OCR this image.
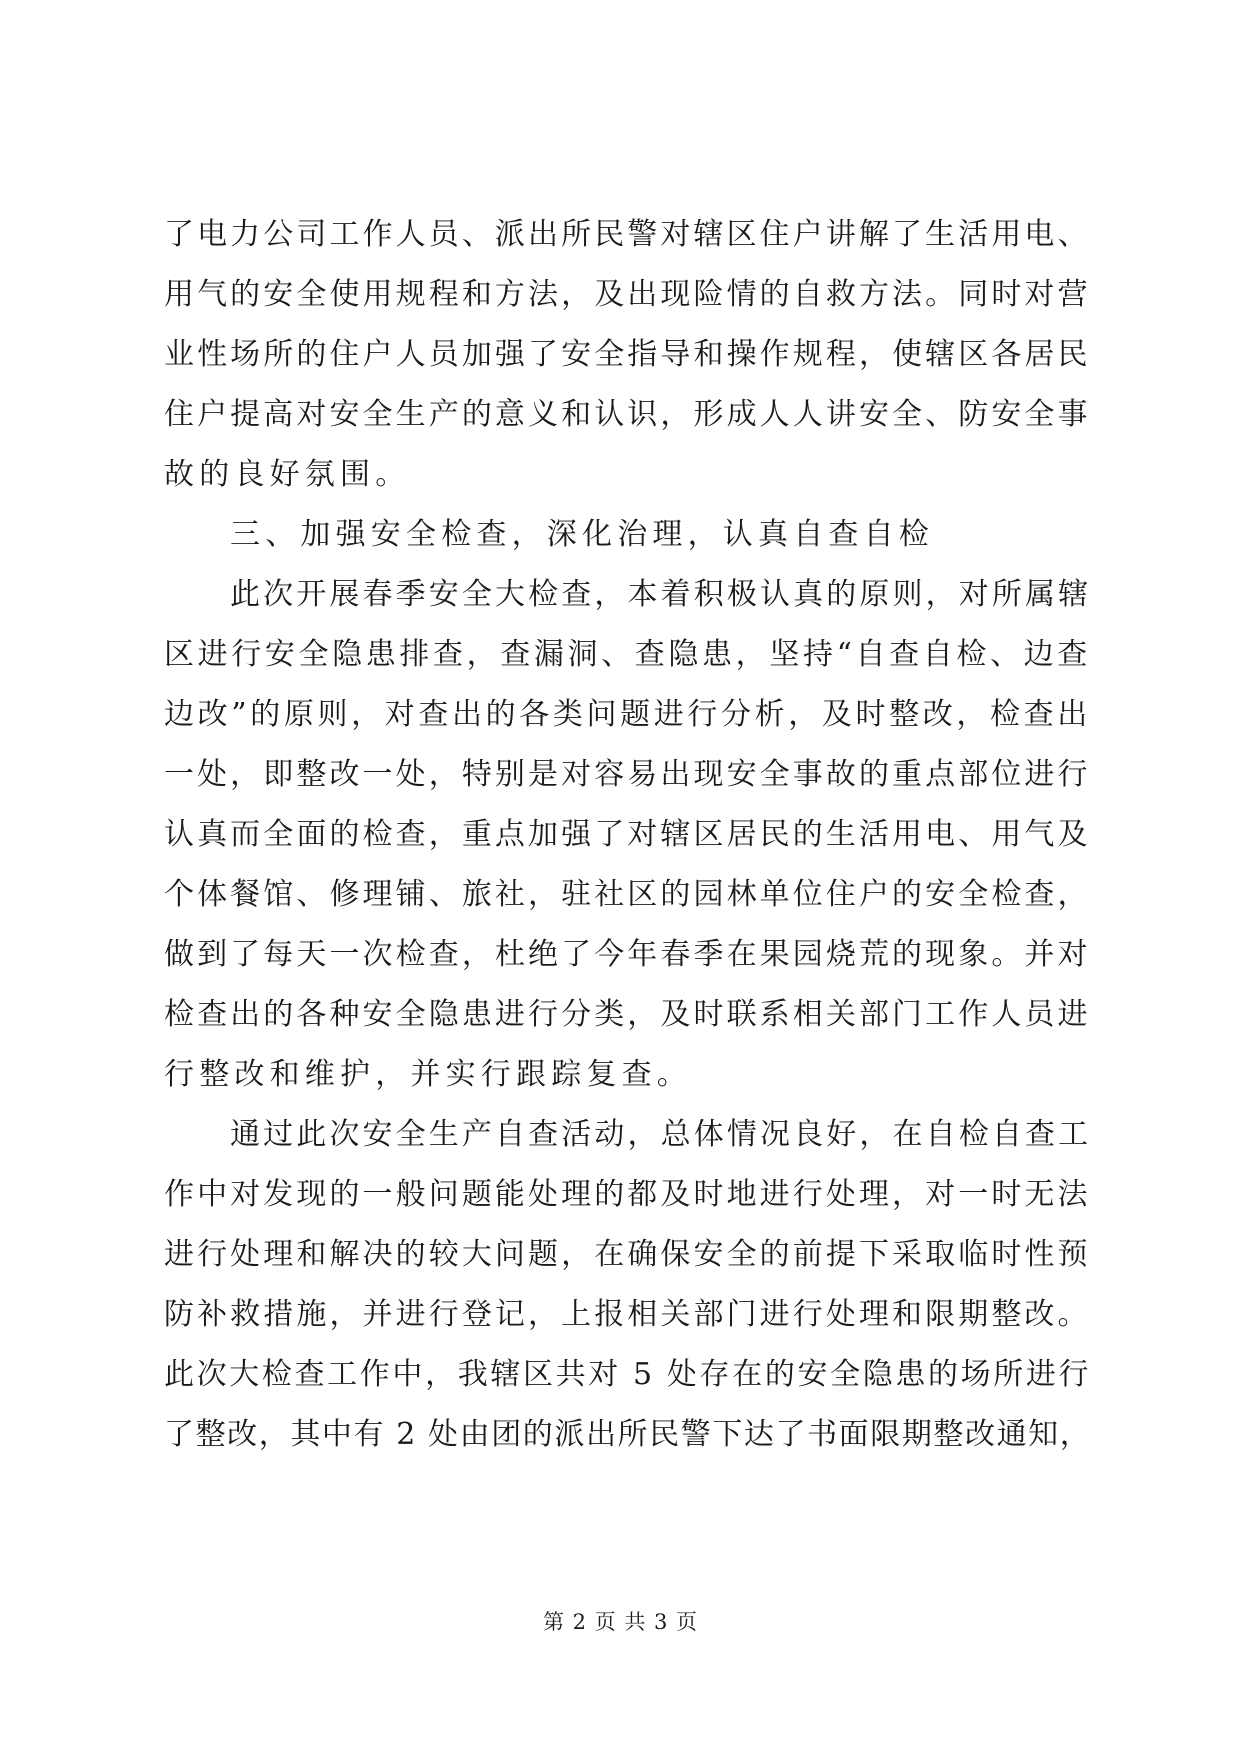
了电力公司工作人员、派出所民警对辖区住户讲解了生活用电、
用气的安全使用规程和方法，及出现险情的自救方法。同时对营
业性场所的住户人员加强了安全指导和操作规程，使辖区各居民
住户提高对安全生产的意义和认识，形成人人讲安全、防安全事
故的良好氛围。
三、加强安全检查，深化治理，认真自查自检
此次开展春季安全大检查，本着积极认真的原则，对所属辖
区进行安全隐患排查，查漏洞、查隐患，坚持“自查自检、边查
边改”的原则，对查出的各类问题进行分析，及时整改，检查出
一处，即整改一处，特别是对容易出现安全事故的重点部位进行
认真而全面的检查，重点加强了对辖区居民的生活用电、用气及
个体餐馆、修理铺、旅社，驻社区的园林单位住户的安全检查，
做到了每天一次检查，杜绝了今年春季在果园烧荒的现象。并对
检查出的各种安全隐患进行分类，及时联系相关部门工作人员进
行整改和维护，并实行跟踪复查。
通过此次安全生产自查活动，总体情况良好，在自检自查工
作中对发现的一般问题能处理的都及时地进行处理，对一时无法
进行处理和解决的较大问题，在确保安全的前提下采取临时性预
防补救措施，并进行登记，上报相关部门进行处理和限期整改。
此次大检查工作中，我辖区共对 5 处存在的安全隐患的场所进行
了整改，其中有 2 处由团的派出所民警下达了书面限期整改通知，
第 2 页 共 3 页
